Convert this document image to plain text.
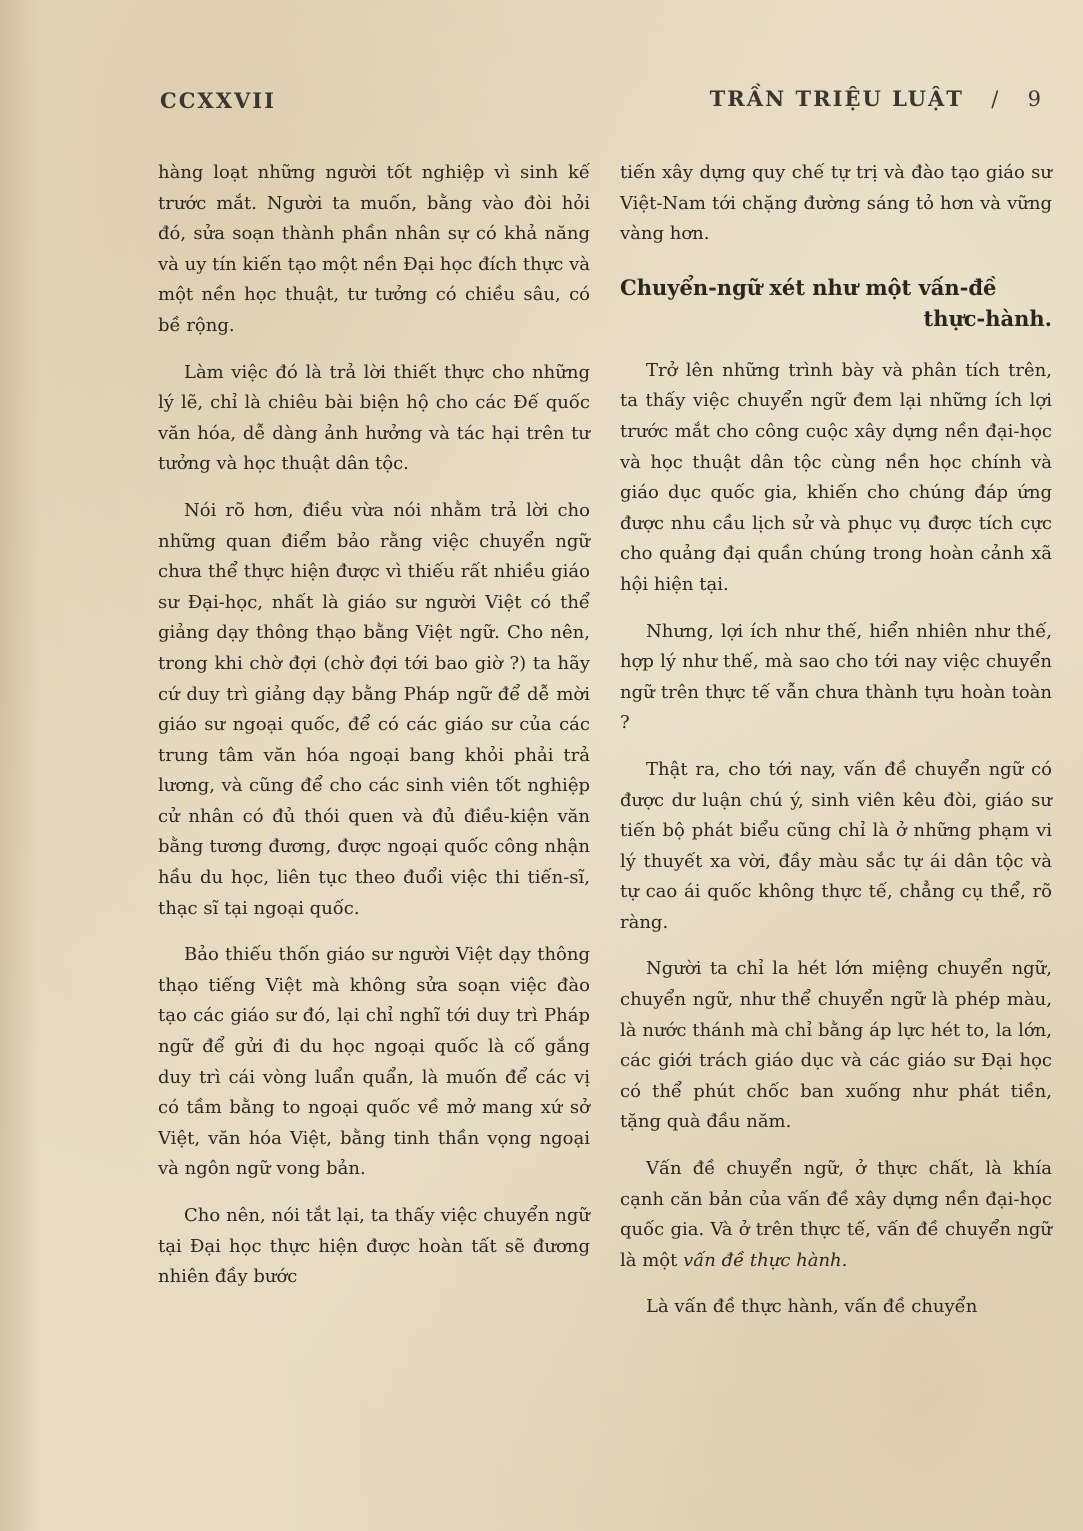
CCXXVII	TRẦN TRIỆU LUẬT / 9

hàng loạt những người tốt nghiệp vì sinh kế trước mắt. Người ta muốn, bằng vào đòi hỏi đó, sửa soạn thành phần nhân sự có khả năng và uy tín kiến tạo một nền Đại học đích thực và một nền học thuật, tư tưởng có chiều sâu, có bề rộng.

Làm việc đó là trả lời thiết thực cho những lý lẽ, chỉ là chiêu bài biện hộ cho các Đế quốc văn hóa, dễ dàng ảnh hưởng và tác hại trên tư tưởng và học thuật dân tộc.

Nói rõ hơn, điều vừa nói nhằm trả lời cho những quan điểm bảo rằng việc chuyển ngữ chưa thể thực hiện được vì thiếu rất nhiều giáo sư Đại-học, nhất là giáo sư người Việt có thể giảng dạy thông thạo bằng Việt ngữ. Cho nên, trong khi chờ đợi (chờ đợi tới bao giờ ?) ta hãy cứ duy trì giảng dạy bằng Pháp ngữ để dễ mời giáo sư ngoại quốc, để có các giáo sư của các trung tâm văn hóa ngoại bang khỏi phải trả lương, và cũng để cho các sinh viên tốt nghiệp cử nhân có đủ thói quen và đủ điều-kiện văn bằng tương đương, được ngoại quốc công nhận hầu du học, liên tục theo đuổi việc thi tiến-sĩ, thạc sĩ tại ngoại quốc.

Bảo thiếu thốn giáo sư người Việt dạy thông thạo tiếng Việt mà không sửa soạn việc đào tạo các giáo sư đó, lại chỉ nghĩ tới duy trì Pháp ngữ để gửi đi du học ngoại quốc là cố gắng duy trì cái vòng luẩn quẩn, là muốn để các vị có tầm bằng to ngoại quốc về mở mang xứ sở Việt, văn hóa Việt, bằng tinh thần vọng ngoại và ngôn ngữ vong bản.

Cho nên, nói tắt lại, ta thấy việc chuyển ngữ tại Đại học thực hiện được hoàn tất sẽ đương nhiên đầy bước

tiến xây dựng quy chế tự trị và đào tạo giáo sư Việt-Nam tới chặng đường sáng tỏ hơn và vững vàng hơn.

Chuyển-ngữ xét như một vấn-đề
thực-hành.

Trở lên những trình bày và phân tích trên, ta thấy việc chuyển ngữ đem lại những ích lợi trước mắt cho công cuộc xây dựng nền đại-học và học thuật dân tộc cùng nền học chính và giáo dục quốc gia, khiến cho chúng đáp ứng được nhu cầu lịch sử và phục vụ được tích cực cho quảng đại quần chúng trong hoàn cảnh xã hội hiện tại.

Nhưng, lợi ích như thế, hiển nhiên như thế, hợp lý như thế, mà sao cho tới nay việc chuyển ngữ trên thực tế vẫn chưa thành tựu hoàn toàn ?

Thật ra, cho tới nay, vấn đề chuyển ngữ có được dư luận chú ý, sinh viên kêu đòi, giáo sư tiến bộ phát biểu cũng chỉ là ở những phạm vi lý thuyết xa vời, đầy màu sắc tự ái dân tộc và tự cao ái quốc không thực tế, chẳng cụ thể, rõ ràng.

Người ta chỉ la hét lớn miệng chuyển ngữ, chuyển ngữ, như thể chuyển ngữ là phép màu, là nước thánh mà chỉ bằng áp lực hét to, la lớn, các giới trách giáo dục và các giáo sư Đại học có thể phút chốc ban xuống như phát tiền, tặng quà đầu năm.

Vấn đề chuyển ngữ, ở thực chất, là khía cạnh căn bản của vấn đề xây dựng nền đại-học quốc gia. Và ở trên thực tế, vấn đề chuyển ngữ là một vấn đề thực hành.

Là vấn đề thực hành, vấn đề chuyển
